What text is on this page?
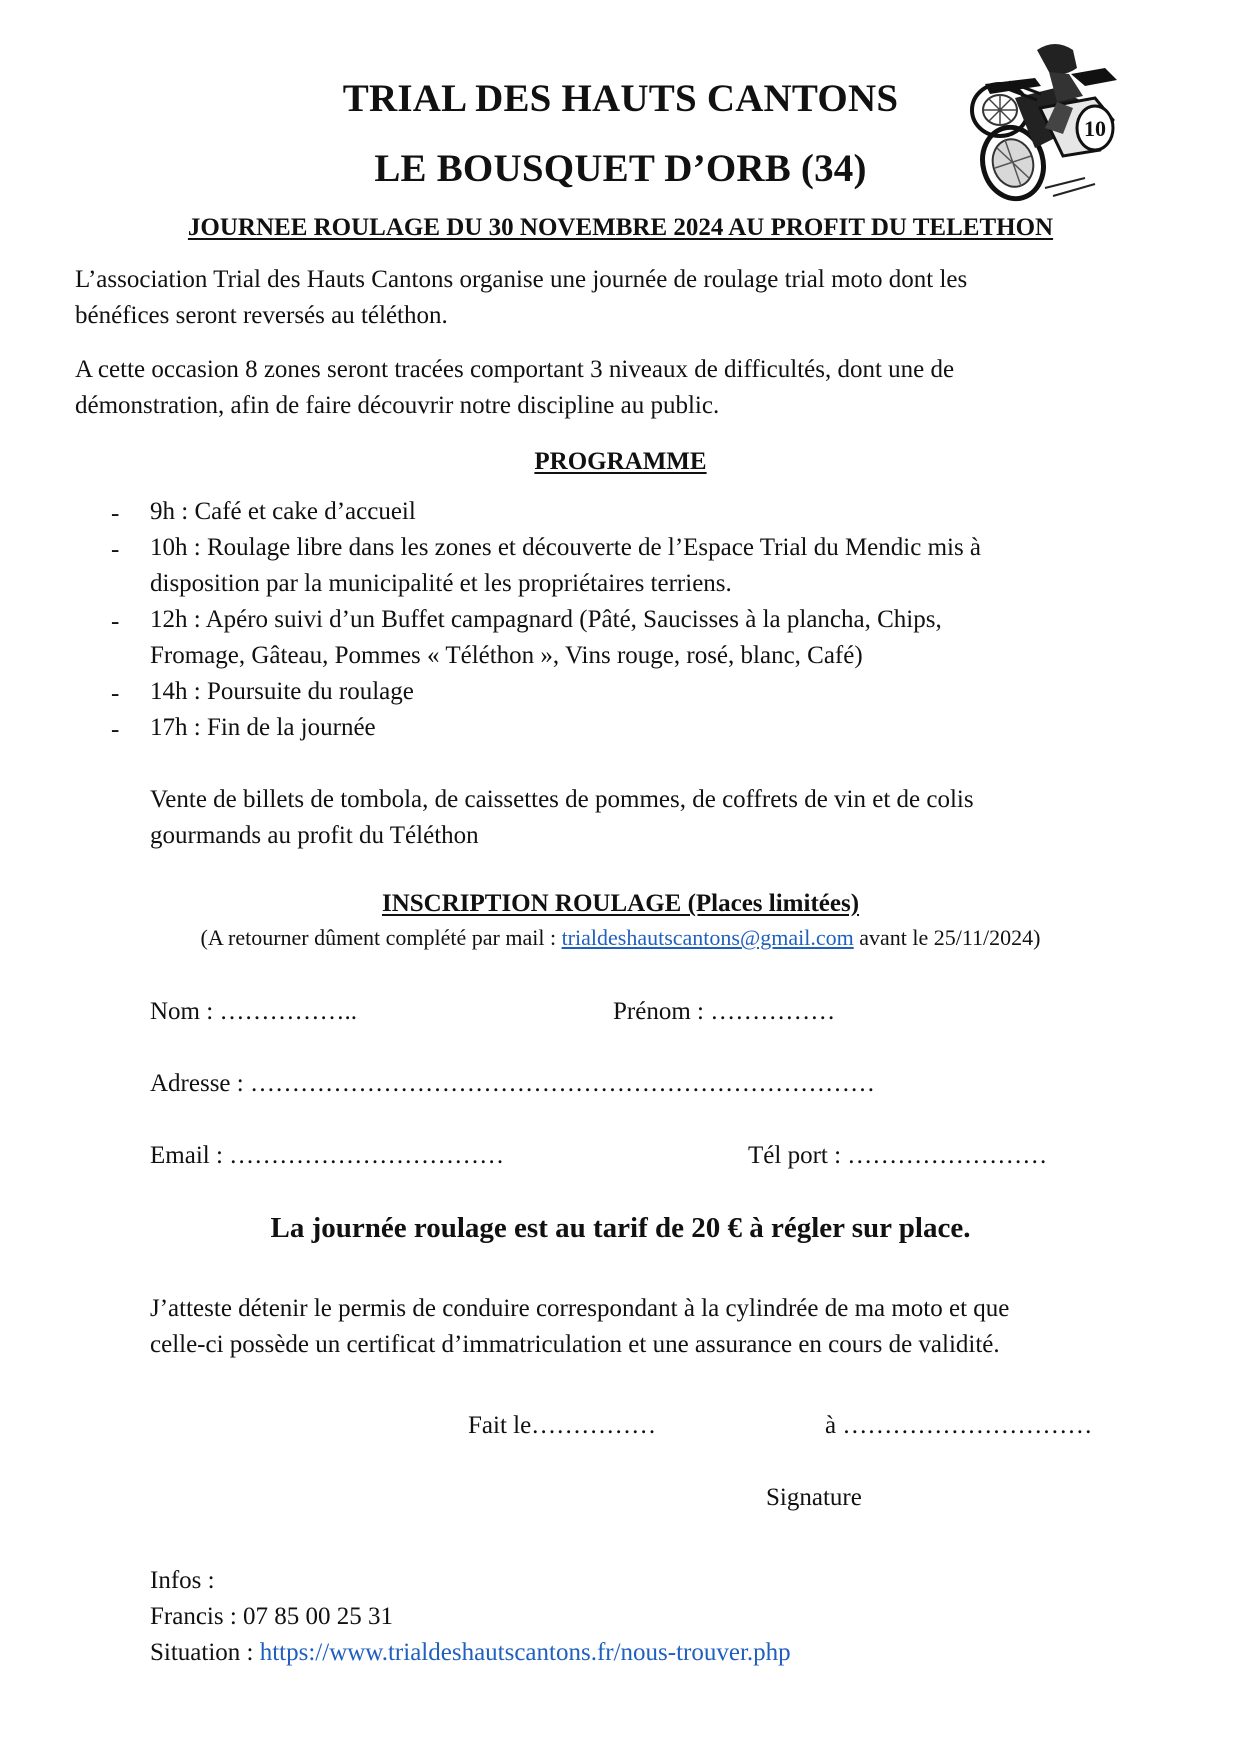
10
TRIAL DES HAUTS CANTONS
LE BOUSQUET D’ORB (34)
JOURNEE ROULAGE DU 30 NOVEMBRE 2024 AU PROFIT DU TELETHON
L’association Trial des Hauts Cantons organise une journée de roulage trial moto dont les
bénéfices seront reversés au téléthon.
A cette occasion 8 zones seront tracées comportant 3 niveaux de difficultés, dont une de
démonstration, afin de faire découvrir notre discipline au public.
PROGRAMME
- 9h : Café et cake d’accueil
- 10h : Roulage libre dans les zones et découverte de l’Espace Trial du Mendic mis à
disposition par la municipalité et les propriétaires terriens.
- 12h : Apéro suivi d’un Buffet campagnard (Pâté, Saucisses à la plancha, Chips,
Fromage, Gâteau, Pommes « Téléthon », Vins rouge, rosé, blanc, Café)
- 14h : Poursuite du roulage
- 17h : Fin de la journée
Vente de billets de tombola, de caissettes de pommes, de coffrets de vin et de colis
gourmands au profit du Téléthon
INSCRIPTION ROULAGE (Places limitées)
(A retourner dûment complété par mail : trialdeshautscantons@gmail.com avant le 25/11/2024)
Nom : ……………..	Prénom : ……………
Adresse : …………………………………………………………………
Email : ……………………………	Tél port : ……………………
La journée roulage est au tarif de 20 € à régler sur place.
J’atteste détenir le permis de conduire correspondant à la cylindrée de ma moto et que
celle-ci possède un certificat d’immatriculation et une assurance en cours de validité.
Fait le……………	à …………………………
Signature
Infos :
Francis : 07 85 00 25 31
Situation : https://www.trialdeshautscantons.fr/nous-trouver.php
